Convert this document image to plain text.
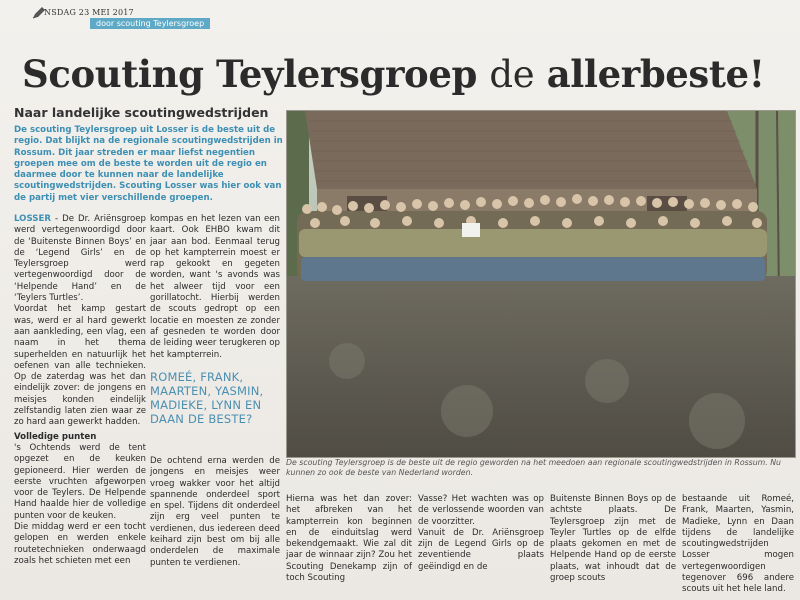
NSDAG 23 MEI 2017
door scouting Teylersgroep
Scouting Teylersgroep de allerbeste!
Naar landelijke scoutingwedstrijden
De scouting Teylersgroep uit Losser is de beste uit de regio. Dat blijkt na de regionale scoutingwedstrijden in Rossum. Dit jaar streden er maar liefst negentien groepen mee om de beste te worden uit de regio en daarmee door te kunnen naar de landelijke scoutingwedstrijden. Scouting Losser was hier ook van de partij met vier verschillende groepen.

LOSSER - De Dr. Ariënsgroep werd vertegenwoordigd door de ‘Buitenste Binnen Boys’ en de ‘Legend Girls’ en de Teylersgroep werd vertegenwoordigd door de ‘Helpende Hand’ en de ‘Teylers Turtles’.

Voordat het kamp gestart was, werd er al hard gewerkt aan aankleding, een vlag, een naam in het thema superhelden en natuurlijk het oefenen van alle technieken. Op de zaterdag was het dan eindelijk zover: de jongens en meisjes konden eindelijk zelfstandig laten zien waar ze zo hard aan gewerkt hadden.

Volledige punten

's Ochtends werd de tent opgezet en de keuken gepioneerd. Hier werden de eerste vruchten afgeworpen voor de Teylers. De Helpende Hand haalde hier de volledige punten voor de keuken.

Die middag werd er een tocht gelopen en werden enkele routetechnieken onderwaagd zoals het schieten met een

kompas en het lezen van een kaart. Ook EHBO kwam dit jaar aan bod. Eenmaal terug op het kampterrein moest er rap gekookt en gegeten worden, want 's avonds was het alweer tijd voor een gorillatocht. Hierbij werden de scouts gedropt op een locatie en moesten ze zonder af gesneden te worden door de leiding weer terugkeren op het kampterrein.

ROMEÉ, FRANK, MAARTEN, YASMIN, MADIEKE, LYNN EN DAAN DE BESTE?

De ochtend erna werden de jongens en meisjes weer vroeg wakker voor het altijd spannende onderdeel sport en spel. Tijdens dit onderdeel zijn erg veel punten te verdienen, dus iedereen deed keihard zijn best om bij alle onderdelen de maximale punten te verdienen.

De scouting Teylersgroep is de beste uit de regio geworden na het meedoen aan regionale scoutingwedstrijden in Rossum. Nu kunnen zo ook de beste van Nederland worden.
Hierna was het dan zover: het afbreken van het kampterrein kon beginnen en de einduitslag werd bekendgemaakt. Wie zal dit jaar de winnaar zijn? Zou het Scouting Denekamp zijn of toch Scouting
Vasse? Het wachten was op de verlossende woorden van de voorzitter.
Vanuit de Dr. Ariënsgroep zijn de Legend Girls op de zeventiende plaats geëindigd en de
Buitenste Binnen Boys op de achtste plaats. De Teylersgroep zijn met de Teyler Turtles op de elfde plaats gekomen en met de Helpende Hand op de eerste plaats, wat inhoudt dat de groep scouts
bestaande uit Romeé, Frank, Maarten, Yasmin, Madieke, Lynn en Daan tijdens de landelijke scoutingwedstrijden Losser mogen vertegenwoordigen tegenover 696 andere scouts uit het hele land.
